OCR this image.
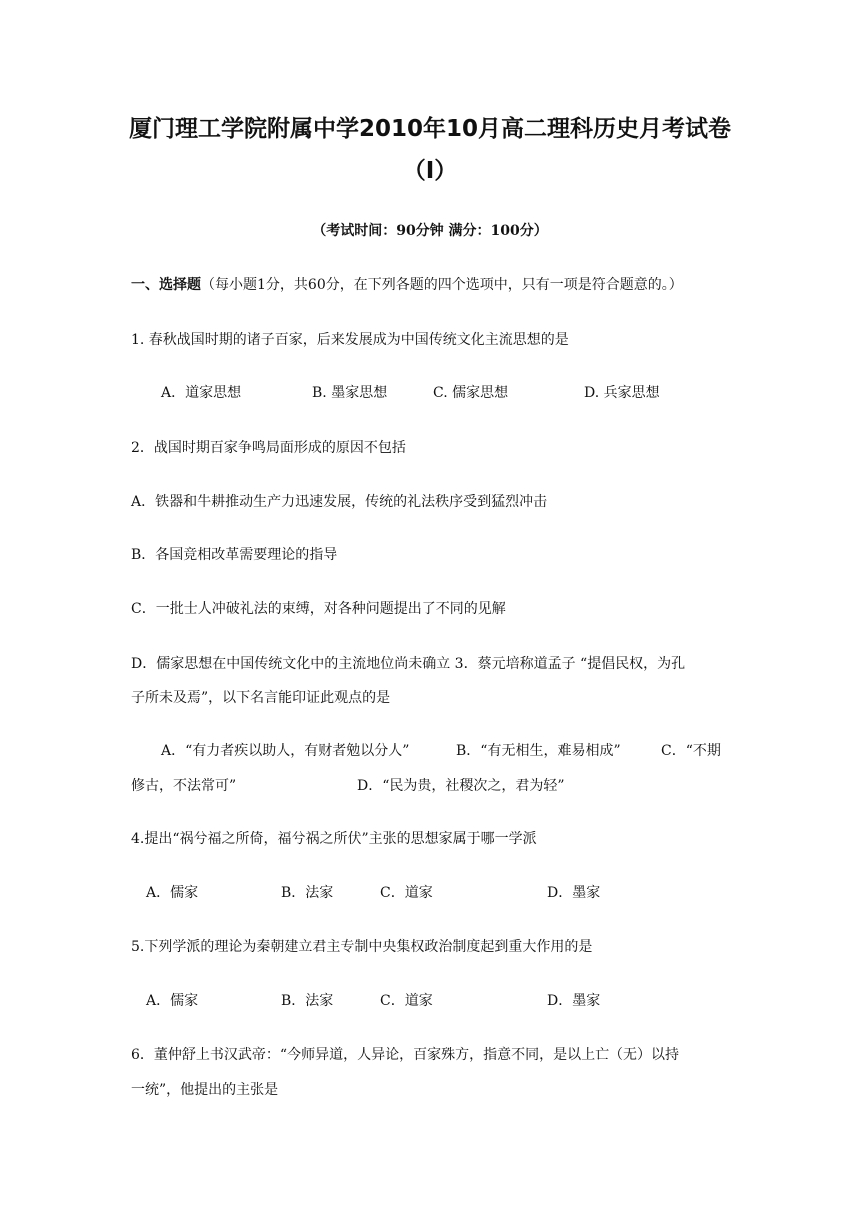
厦门理工学院附属中学2010年10月高二理科历史月考试卷
（Ⅰ）
（考试时间：90分钟 满分：100分）
一、选择题（每小题1分，共60分，在下列各题的四个选项中，只有一项是符合题意的。）
1. 春秋战国时期的诸子百家，后来发展成为中国传统文化主流思想的是
A．道家思想	B. 墨家思想	C. 儒家思想	D. 兵家思想
2．战国时期百家争鸣局面形成的原因不包括
A．铁器和牛耕推动生产力迅速发展，传统的礼法秩序受到猛烈冲击
B．各国竞相改革需要理论的指导
C．一批士人冲破礼法的束缚，对各种问题提出了不同的见解
D．儒家思想在中国传统文化中的主流地位尚未确立 3．蔡元培称道孟子 “提倡民权，为孔
子所未及焉”，以下名言能印证此观点的是
A．“有力者疾以助人，有财者勉以分人”	B．“有无相生，难易相成”	C．“不期
修古，不法常可”	D．“民为贵，社稷次之，君为轻”
4.提出“祸兮福之所倚，福兮祸之所伏”主张的思想家属于哪一学派
A．儒家	B．法家	C．道家	D．墨家
5.下列学派的理论为秦朝建立君主专制中央集权政治制度起到重大作用的是
A．儒家	B．法家	C．道家	D．墨家
6．董仲舒上书汉武帝：“今师异道，人异论，百家殊方，指意不同，是以上亡（无）以持
一统”，他提出的主张是
